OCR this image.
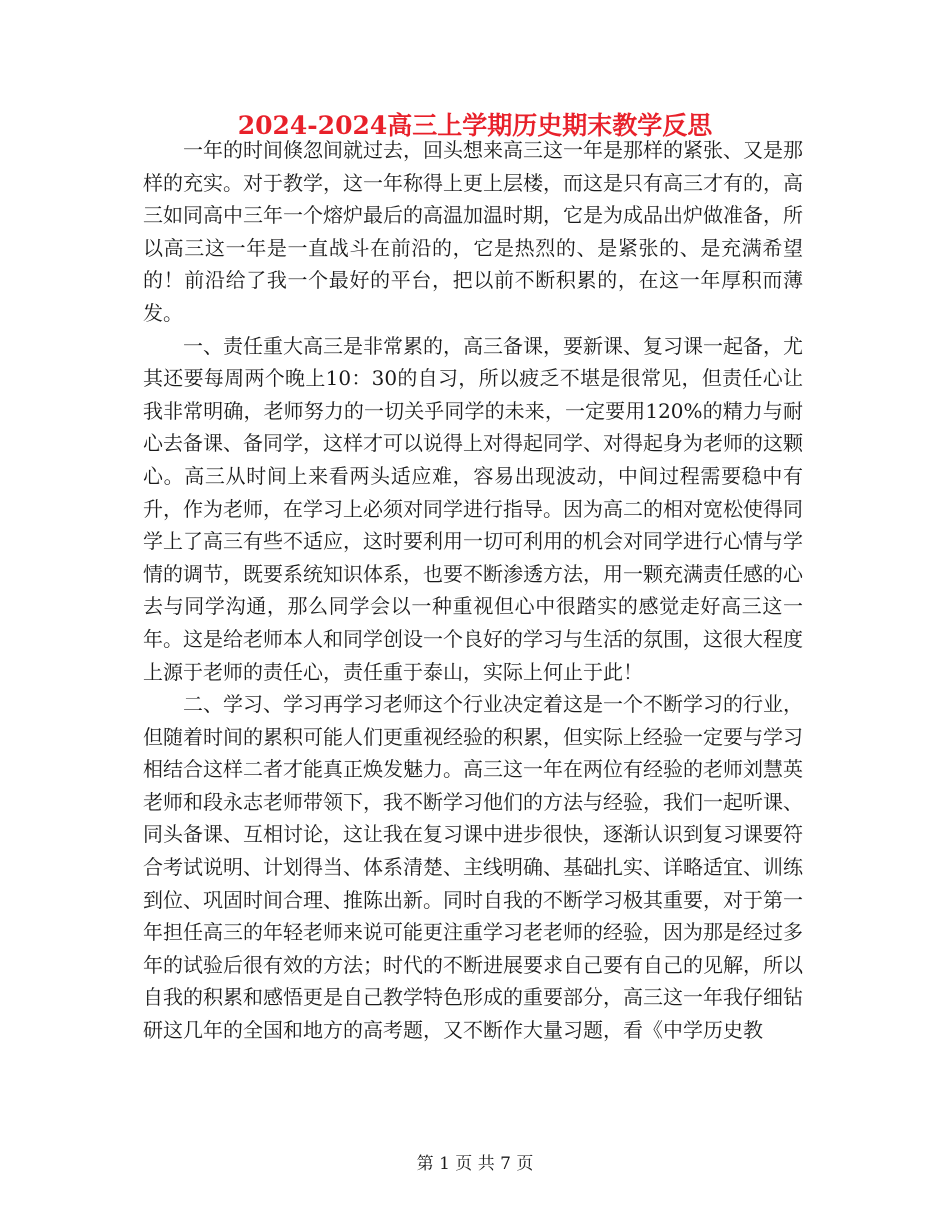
2024-2024高三上学期历史期末教学反思

一年的时间倏忽间就过去，回头想来高三这一年是那样的紧张、又是那样的充实。对于教学，这一年称得上更上层楼，而这是只有高三才有的，高三如同高中三年一个熔炉最后的高温加温时期，它是为成品出炉做准备，所以高三这一年是一直战斗在前沿的，它是热烈的、是紧张的、是充满希望的！前沿给了我一个最好的平台，把以前不断积累的，在这一年厚积而薄发。

一、责任重大高三是非常累的，高三备课，要新课、复习课一起备，尤其还要每周两个晚上10：30的自习，所以疲乏不堪是很常见，但责任心让我非常明确，老师努力的一切关乎同学的未来，一定要用120%的精力与耐心去备课、备同学，这样才可以说得上对得起同学、对得起身为老师的这颗心。高三从时间上来看两头适应难，容易出现波动，中间过程需要稳中有升，作为老师，在学习上必须对同学进行指导。因为高二的相对宽松使得同学上了高三有些不适应，这时要利用一切可利用的机会对同学进行心情与学情的调节，既要系统知识体系，也要不断渗透方法，用一颗充满责任感的心去与同学沟通，那么同学会以一种重视但心中很踏实的感觉走好高三这一年。这是给老师本人和同学创设一个良好的学习与生活的氛围，这很大程度上源于老师的责任心，责任重于泰山，实际上何止于此！

二、学习、学习再学习老师这个行业决定着这是一个不断学习的行业，但随着时间的累积可能人们更重视经验的积累，但实际上经验一定要与学习相结合这样二者才能真正焕发魅力。高三这一年在两位有经验的老师刘慧英老师和段永志老师带领下，我不断学习他们的方法与经验，我们一起听课、同头备课、互相讨论，这让我在复习课中进步很快，逐渐认识到复习课要符合考试说明、计划得当、体系清楚、主线明确、基础扎实、详略适宜、训练到位、巩固时间合理、推陈出新。同时自我的不断学习极其重要，对于第一年担任高三的年轻老师来说可能更注重学习老老师的经验，因为那是经过多年的试验后很有效的方法；时代的不断进展要求自己要有自己的见解，所以自我的积累和感悟更是自己教学特色形成的重要部分，高三这一年我仔细钻研这几年的全国和地方的高考题，又不断作大量习题，看《中学历史教

第 1 页 共 7 页
